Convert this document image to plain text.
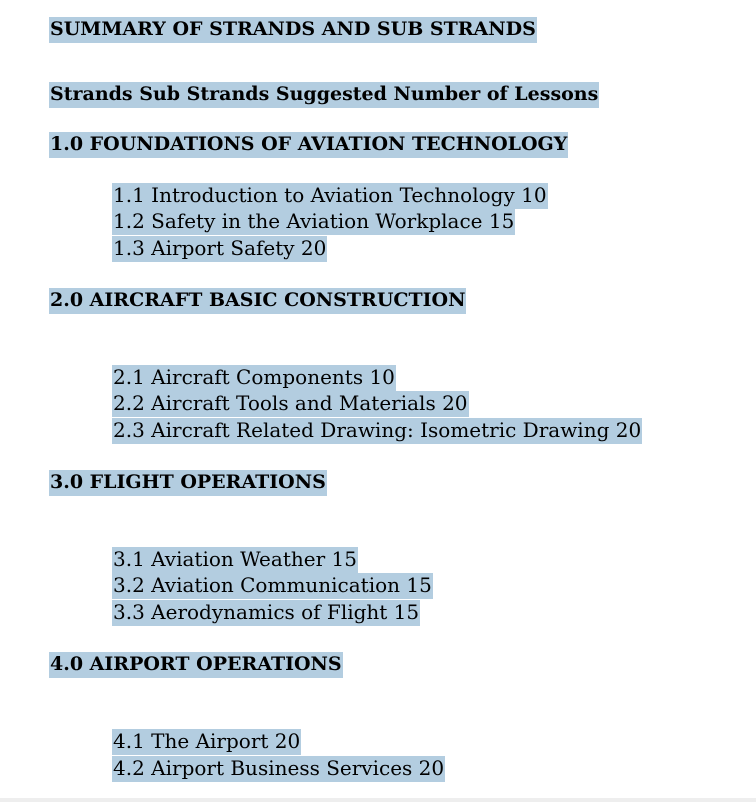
SUMMARY OF STRANDS AND SUB STRANDS
Strands Sub Strands Suggested Number of Lessons
1.0 FOUNDATIONS OF AVIATION TECHNOLOGY
1.1 Introduction to Aviation Technology 10
1.2 Safety in the Aviation Workplace 15
1.3 Airport Safety 20
2.0 AIRCRAFT BASIC CONSTRUCTION
2.1 Aircraft Components 10
2.2 Aircraft Tools and Materials 20
2.3 Aircraft Related Drawing: Isometric Drawing 20
3.0 FLIGHT OPERATIONS
3.1 Aviation Weather 15
3.2 Aviation Communication 15
3.3 Aerodynamics of Flight 15
4.0 AIRPORT OPERATIONS
4.1 The Airport 20
4.2 Airport Business Services 20
